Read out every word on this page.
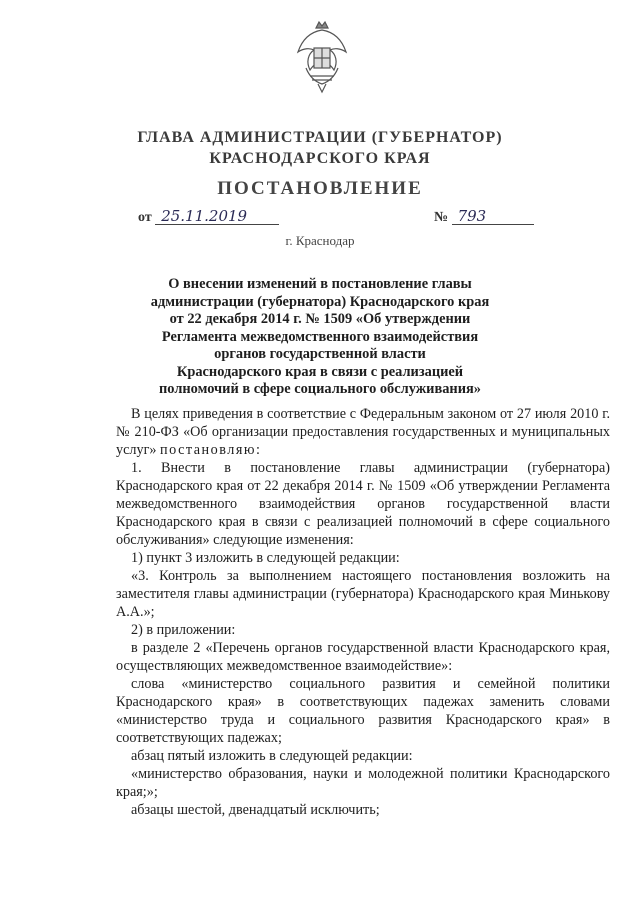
ГЛАВА АДМИНИСТРАЦИИ (ГУБЕРНАТОР)
КРАСНОДАРСКОГО КРАЯ
ПОСТАНОВЛЕНИЕ
от 25.11.2019	№ 793
г. Краснодар
О внесении изменений в постановление главы
администрации (губернатора) Краснодарского края
от 22 декабря 2014 г. № 1509 «Об утверждении
Регламента межведомственного взаимодействия
органов государственной власти
Краснодарского края в связи с реализацией
полномочий в сфере социального обслуживания»

В целях приведения в соответствие с Федеральным законом от 27 июля 2010 г. № 210-ФЗ «Об организации предоставления государственных и муниципальных услуг» постановляю:

1. Внести в постановление главы администрации (губернатора) Краснодарского края от 22 декабря 2014 г. № 1509 «Об утверждении Регламента межведомственного взаимодействия органов государственной власти Краснодарского края в связи с реализацией полномочий в сфере социального обслуживания» следующие изменения:

1) пункт 3 изложить в следующей редакции:

«3. Контроль за выполнением настоящего постановления возложить на заместителя главы администрации (губернатора) Краснодарского края Минькову А.А.»;

2) в приложении:

в разделе 2 «Перечень органов государственной власти Краснодарского края, осуществляющих межведомственное взаимодействие»:

слова «министерство социального развития и семейной политики Краснодарского края» в соответствующих падежах заменить словами «министерство труда и социального развития Краснодарского края» в соответствующих падежах;

абзац пятый изложить в следующей редакции:

«министерство образования, науки и молодежной политики Краснодарского края;»;

абзацы шестой, двенадцатый исключить;
